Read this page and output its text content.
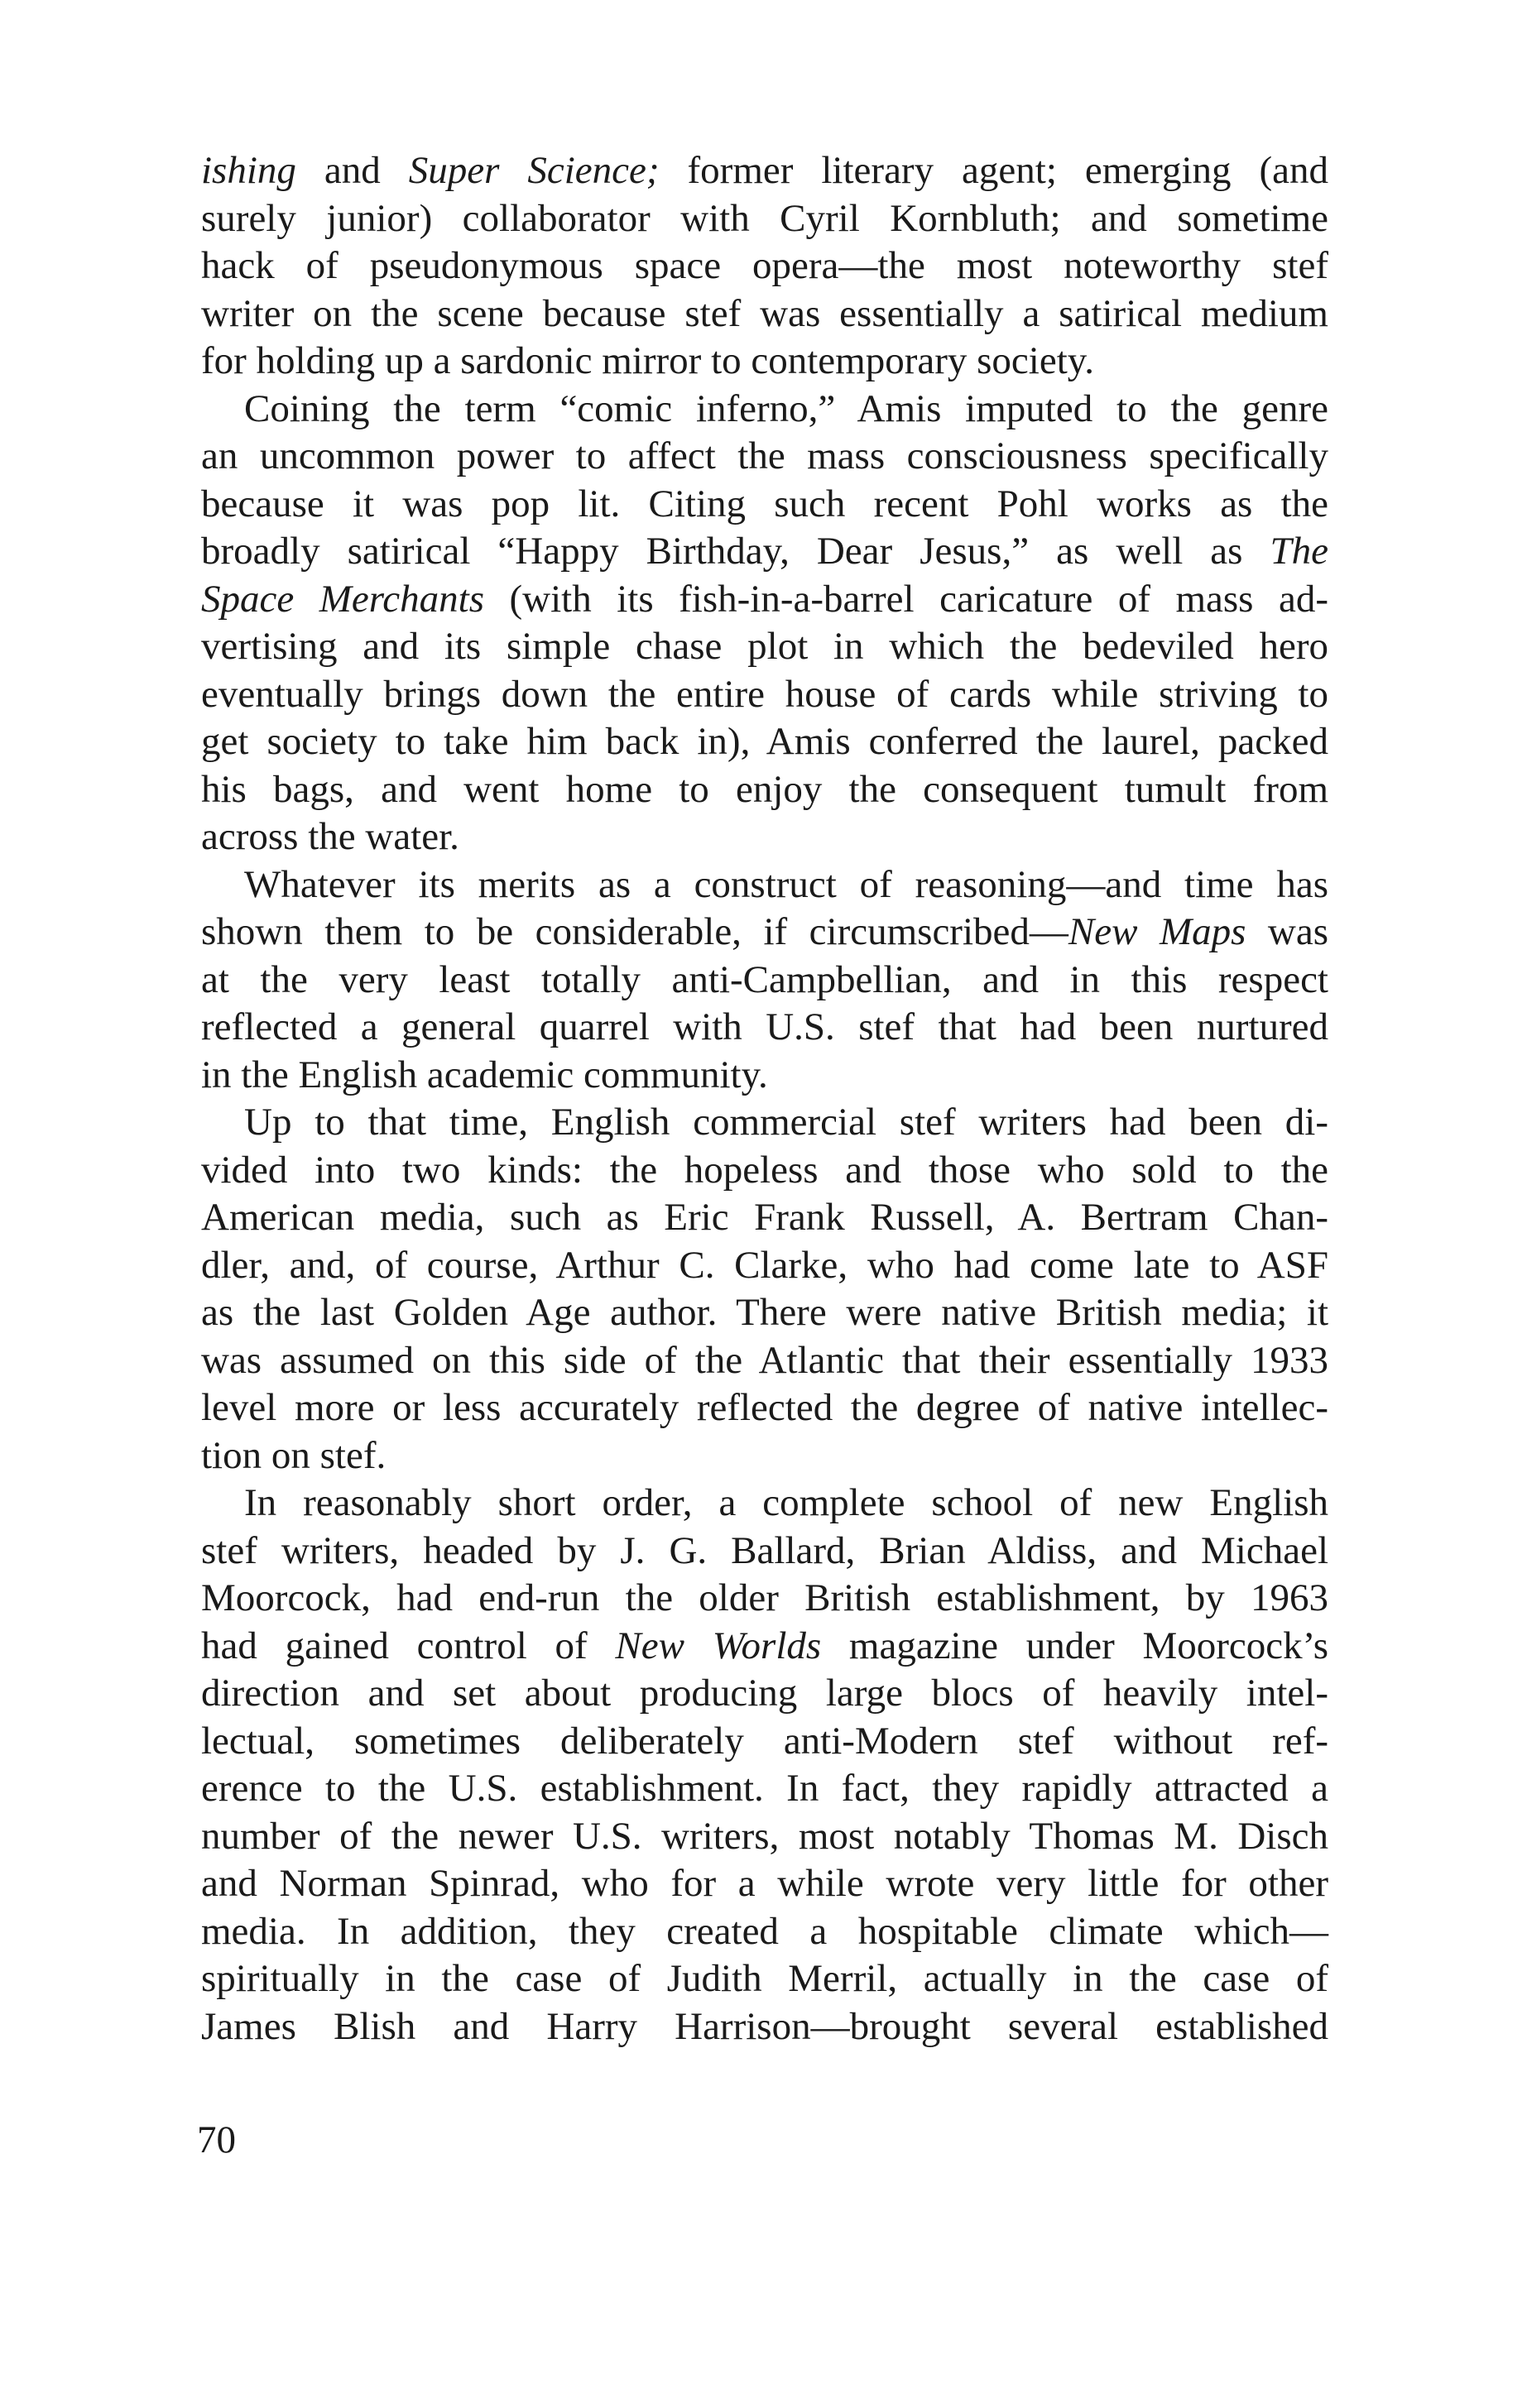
ishing and Super Science; former literary agent; emerging (and
surely junior) collaborator with Cyril Kornbluth; and sometime
hack of pseudonymous space opera—the most noteworthy stef
writer on the scene because stef was essentially a satirical medium
for holding up a sardonic mirror to contemporary society.
Coining the term “comic inferno,” Amis imputed to the genre
an uncommon power to affect the mass consciousness specifically
because it was pop lit. Citing such recent Pohl works as the
broadly satirical “Happy Birthday, Dear Jesus,” as well as The
Space Merchants (with its fish-in-a-barrel caricature of mass ad-
vertising and its simple chase plot in which the bedeviled hero
eventually brings down the entire house of cards while striving to
get society to take him back in), Amis conferred the laurel, packed
his bags, and went home to enjoy the consequent tumult from
across the water.
Whatever its merits as a construct of reasoning—and time has
shown them to be considerable, if circumscribed—New Maps was
at the very least totally anti-Campbellian, and in this respect
reflected a general quarrel with U.S. stef that had been nurtured
in the English academic community.
Up to that time, English commercial stef writers had been di-
vided into two kinds: the hopeless and those who sold to the
American media, such as Eric Frank Russell, A. Bertram Chan-
dler, and, of course, Arthur C. Clarke, who had come late to ASF
as the last Golden Age author. There were native British media; it
was assumed on this side of the Atlantic that their essentially 1933
level more or less accurately reflected the degree of native intellec-
tion on stef.
In reasonably short order, a complete school of new English
stef writers, headed by J. G. Ballard, Brian Aldiss, and Michael
Moorcock, had end-run the older British establishment, by 1963
had gained control of New Worlds magazine under Moorcock’s
direction and set about producing large blocs of heavily intel-
lectual, sometimes deliberately anti-Modern stef without ref-
erence to the U.S. establishment. In fact, they rapidly attracted a
number of the newer U.S. writers, most notably Thomas M. Disch
and Norman Spinrad, who for a while wrote very little for other
media. In addition, they created a hospitable climate which—
spiritually in the case of Judith Merril, actually in the case of
James Blish and Harry Harrison—brought several established
70
